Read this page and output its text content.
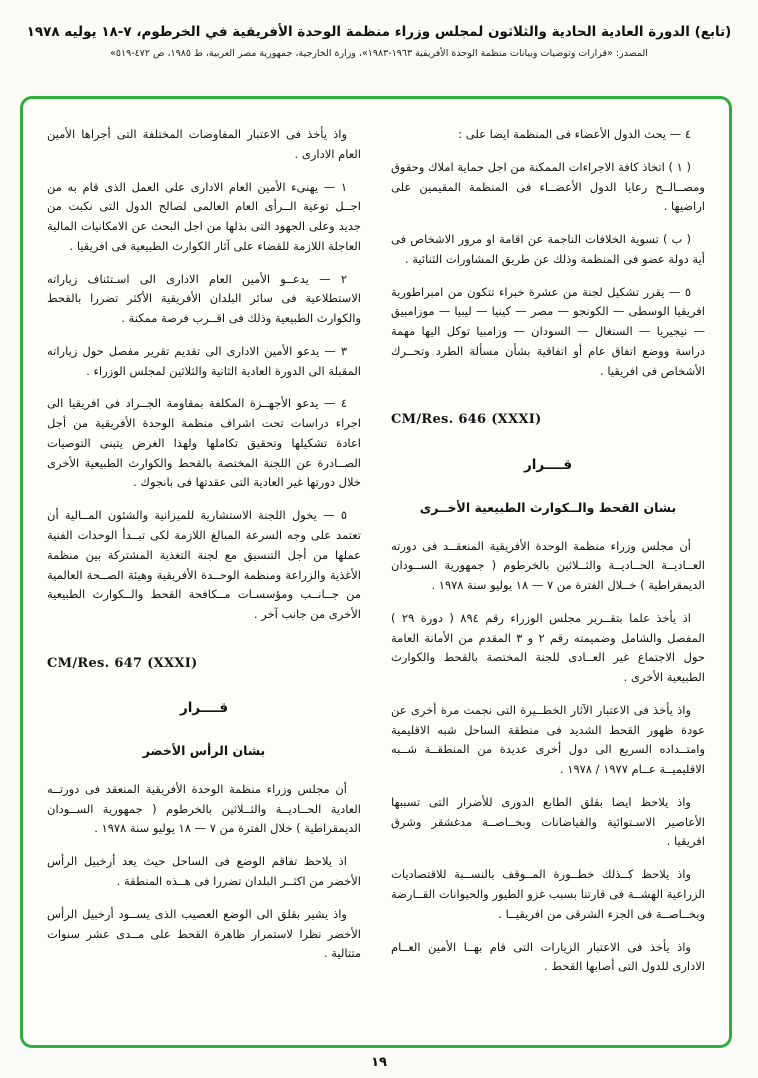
(تابع) الدورة العادية الحادية والثلاثون لمجلس وزراء منظمة الوحدة الأفريقية في الخرطوم، ٧-١٨ يوليه ١٩٧٨
المصدر: «قرارات وتوصيات وبيانات منظمة الوحدة الأفريقية ١٩٦٣-١٩٨٣»، وزارة الخارجية، جمهورية مصر العربية، ط ١٩٨٥، ص ٤٧٢-٥١٩»
٤ — يحث الدول الأعضاء فى المنظمة ايضا على :
( ١ ) اتخاذ كافة الاجراءات الممكنة من اجل حماية املاك وحقوق ومصــالــح رعايا الدول الأعضــاء فى المنظمة المقيمين على اراضيها .
( ب ) تسوية الخلافات الناجمة عن اقامة او مرور الاشخاص فى أية دولة عضو فى المنظمة وذلك عن طريق المشاورات الثنائية .
٥ — يقرر تشكيل لجنة من عشرة خبراء تتكون من امبراطورية افريقيا الوسطى — الكونجو — مصر — كينيا — ليبيا — موزامبيق — نيجيريا — السنغال — السودان — وزامبيا توكل اليها مهمة دراسة ووضع اتفاق عام أو اتفاقية بشأن مسألة الطرد وتحــرك الأشخاص فى افريقيا .
CM/Res. 646 (XXXI)
قــــرار
بشان القحط والــكوارث الطبيعية الأخــرى
أن مجلس وزراء منظمة الوحدة الأفريقية المنعقــد فى دورته العــاديــة الحــاديــة والثــلاثين بالخرطوم ( جمهورية الســودان الديمقراطية ) خــلال الفترة من ٧ — ١٨ يوليو سنة ١٩٧٨ .
اذ يأخذ علما بتقــرير مجلس الوزراء رقم ٨٩٤ ( دورة ٢٩ ) المفصل والشامل وضميمته رقم ٢ و ٣ المقدم من الأمانة العامة حول الاجتماع غير العــادى للجنة المختصة بالقحط والكوارث الطبيعية الأخرى .
واذ يأخذ فى الاعتبار الآثار الخطــيرة التى نجمت مرة أخرى عن عودة ظهور القحط الشديد فى منطقة الساحل شبه الاقليمية وامتــداده السريع الى دول أخرى عديدة من المنطقــة شــبه الاقليميــة عــام ١٩٧٧ / ١٩٧٨ .
واذ يلاحظ ايضا بقلق الطابع الدورى للأضرار التى تسببها الأعاصير الاسـتوائية والفياضانات وبخــاصــة مدغشقر وشرق افريقيا .
واذ يلاحظ كــذلك خطــورة المــوقف بالنســبة للاقتصاديات الزراعية الهشــة فى قارتنا بسبب غزو الطيور والحيوانات القــارضة وبخــاصــة فى الجزء الشرقى من افريقيــا .
واذ يأخذ فى الاعتبار الزيارات التى قام بهــا الأمين العــام الادارى للدول التى أصابها القحط .
واذ يأخذ فى الاعتبار المفاوضات المختلفة التى أجراها الأمين العام الادارى .
١ — يهنىء الأمين العام الادارى على العمل الذى قام به من اجــل توعية الــرأى العام العالمى لصالح الدول التى نكبت من جديد وعلى الجهود التى بذلها من اجل البحث عن الامكانيات المالية العاجلة اللازمة للقضاء على آثار الكوارث الطبيعية فى افريقيا .
٢ — يدعــو الأمين العام الادارى الى اسـتئناف زياراته الاستطلاعية فى سائر البلدان الأفريقية الأكثر تضررا بالقحط والكوارث الطبيعية وذلك فى اقــرب فرصة ممكنة .
٣ — يدعو الأمين الادارى الى تقديم تقرير مفصل حول زياراته المقبلة الى الدورة العادية الثانية والثلاثين لمجلس الوزراء .
٤ — يدعو الأجهــزة المكلفة بمقاومة الجــراد فى افريقيا الى اجراء دراسات تحت اشراف منظمة الوحدة الأفريقية من أجل اعادة تشكيلها وتحقيق تكاملها ولهذا الغرض يتبنى التوصيات الصــادرة عن اللجنة المختصة بالقحط والكوارث الطبيعية الأخرى خلال دورتها غير العادية التى عقدتها فى بانجوك .
٥ — يخول اللجنة الاستشارية للميزانية والشئون المــالية أن تعتمد على وجه السرعة المبالغ اللازمة لكى تبــدأ الوحدات الفنية عملها من أجل التنسيق مع لجنة التغذية المشتركة بين منظمة الأغذية والزراعة ومنظمة الوحــدة الأفريقية وهيئة الصــحة العالمية من جــانــب ومؤسسـات مــكافحة القحط والــكوارث الطبيعية الأخرى من جانب آخر .
CM/Res. 647 (XXXI)
قــــرار
بشان الرأس الأخضر
أن مجلس وزراء منظمة الوحدة الأفريقية المنعقد فى دورتــه العادية الحــاديــة والثــلاثين بالخرطوم ( جمهورية الســودان الديمقراطية ) خلال الفترة من ٧ — ١٨ يوليو سنة ١٩٧٨ .
اذ يلاحظ تفاقم الوضع فى الساحل حيث يعد أرخبيل الرأس الأخضر من اكثــر البلدان تضررا فى هــذه المنطقة .
واذ يشير بقلق الى الوضع العصيب الذى يســود أرخبيل الرأس الأخضر نظرا لاستمرار ظاهرة القحط على مــدى عشر سنوات متتالية .
١٩
